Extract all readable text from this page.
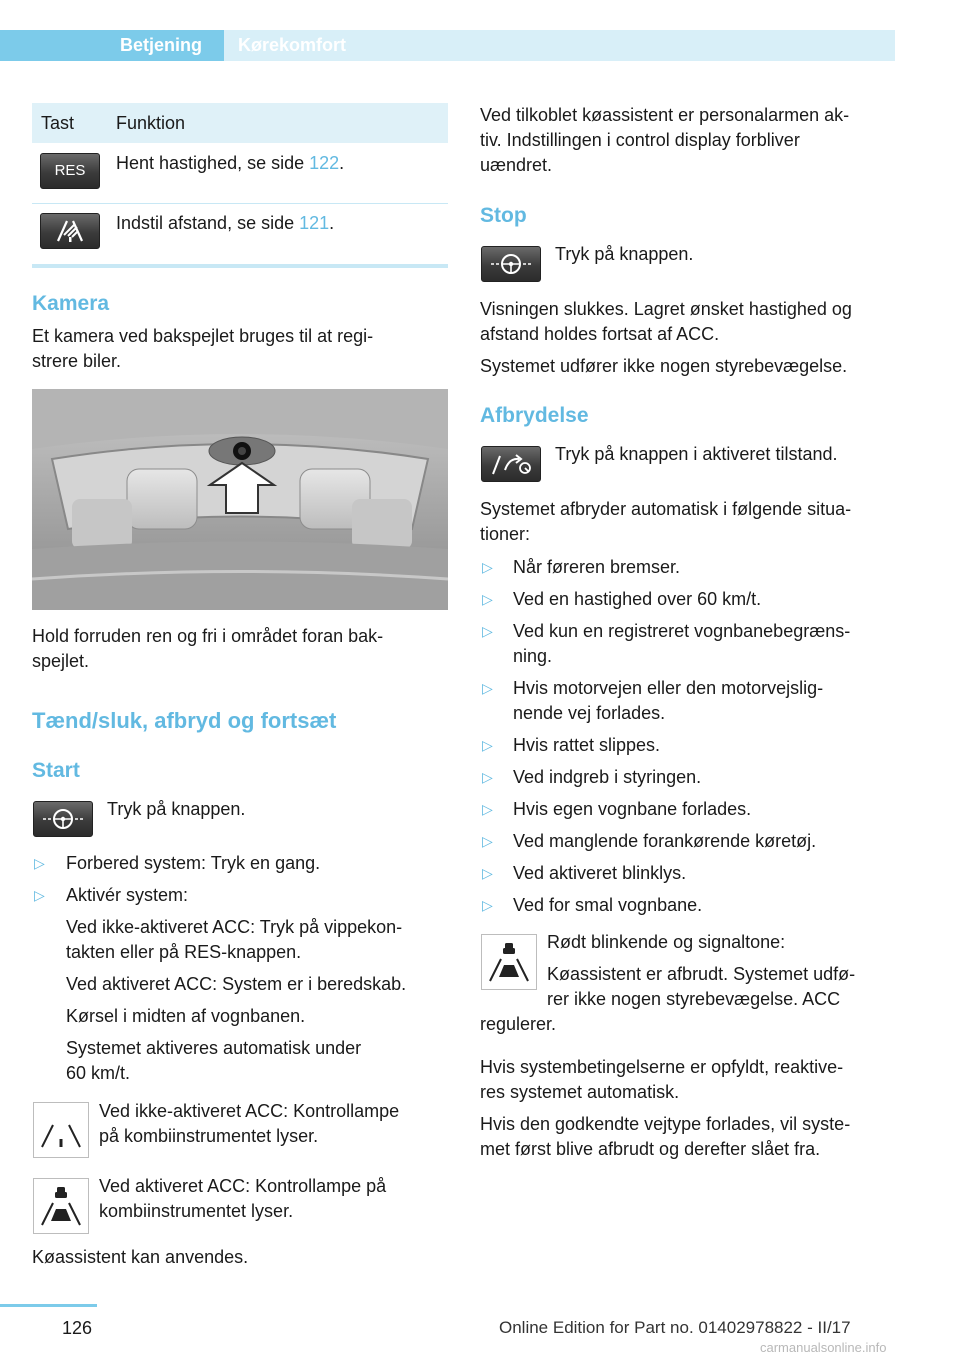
Betjening	Kørekomfort
Tast Funktion
RES	Hent hastighed, se side 122.
Indstil afstand, se side 121.
Kamera
Et kamera ved bakspejlet bruges til at regi-
strere biler.
Hold forruden ren og fri i området foran bak-
spejlet.
Tænd/sluk, afbryd og fortsæt
Start
Tryk på knappen.
▷ Forbered system: Tryk en gang.
▷ Aktivér system:
Ved ikke-aktiveret ACC: Tryk på vippekon-
takten eller på RES-knappen.
Ved aktiveret ACC: System er i beredskab.
Kørsel i midten af vognbanen.
Systemet aktiveres automatisk under
60 km/t.
Ved ikke-aktiveret ACC: Kontrollampe
på kombiinstrumentet lyser.
Ved aktiveret ACC: Kontrollampe på
kombiinstrumentet lyser.
Køassistent kan anvendes.
Ved tilkoblet køassistent er personalarmen ak-
tiv. Indstillingen i control display forbliver
uændret.
Stop
Tryk på knappen.
Visningen slukkes. Lagret ønsket hastighed og
afstand holdes fortsat af ACC.
Systemet udfører ikke nogen styrebevægelse.
Afbrydelse
Tryk på knappen i aktiveret tilstand.
Systemet afbryder automatisk i følgende situa-
tioner:
▷ Når føreren bremser.
▷ Ved en hastighed over 60 km/t.
▷ Ved kun en registreret vognbanebegræns-
ning.
▷ Hvis motorvejen eller den motorvejslig-
nende vej forlades.
▷ Hvis rattet slippes.
▷ Ved indgreb i styringen.
▷ Hvis egen vognbane forlades.
▷ Ved manglende forankørende køretøj.
▷ Ved aktiveret blinklys.
▷ Ved for smal vognbane.
Rødt blinkende og signaltone:
Køassistent er afbrudt. Systemet udfø-
rer ikke nogen styrebevægelse. ACC
regulerer.
Hvis systembetingelserne er opfyldt, reaktive-
res systemet automatisk.
Hvis den godkendte vejtype forlades, vil syste-
met først blive afbrudt og derefter slået fra.
126	Online Edition for Part no. 01402978822 - II/17
carmanualsonline.info
